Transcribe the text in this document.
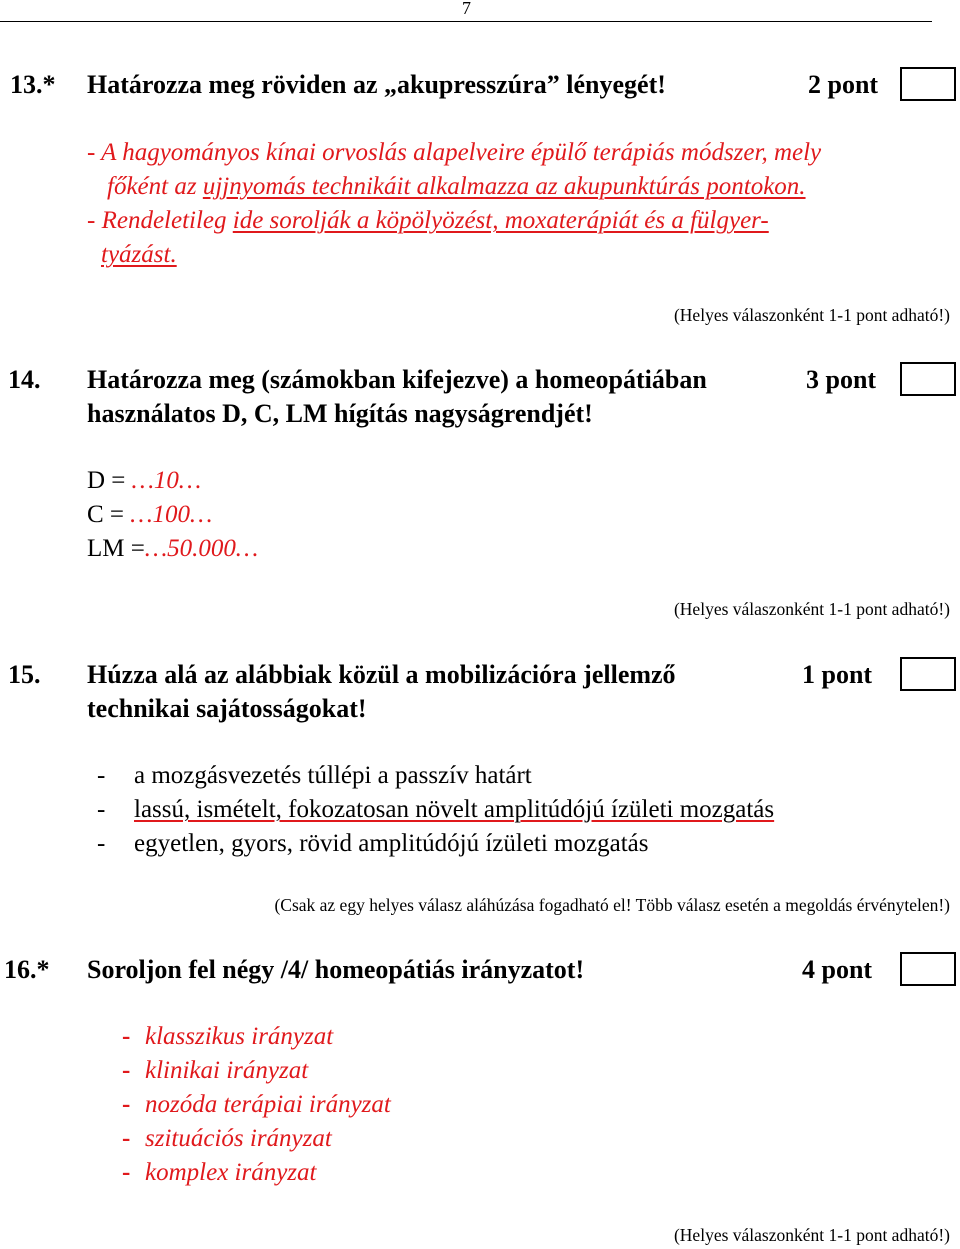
7
13.* Határozza meg röviden az „akupresszúra” lényegét!	2 pont
- A hagyományos kínai orvoslás alapelveire épülő terápiás módszer, mely
főként az ujjnyomás technikáit alkalmazza az akupunktúrás pontokon.
- Rendeletileg ide sorolják a köpölyözést, moxaterápiát és a fülgyer-
tyázást.
(Helyes válaszonként 1-1 pont adható!)
14. Határozza meg (számokban kifejezve) a homeopátiában
használatos D, C, LM hígítás nagyságrendjét!
3 pont
D = …10…
C = …100…
LM =…50.000…
(Helyes válaszonként 1-1 pont adható!)
15. Húzza alá az alábbiak közül a mobilizációra jellemző
technikai sajátosságokat!
1 pont
- a mozgásvezetés túllépi a passzív határt
- lassú, ismételt, fokozatosan növelt amplitúdójú ízületi mozgatás
- egyetlen, gyors, rövid amplitúdójú ízületi mozgatás
(Csak az egy helyes válasz aláhúzása fogadható el! Több válasz esetén a megoldás érvénytelen!)
16.* Soroljon fel négy /4/ homeopátiás irányzatot!	4 pont
- klasszikus irányzat
- klinikai irányzat
- nozóda terápiai irányzat
- szituációs irányzat
- komplex irányzat
(Helyes válaszonként 1-1 pont adható!)
